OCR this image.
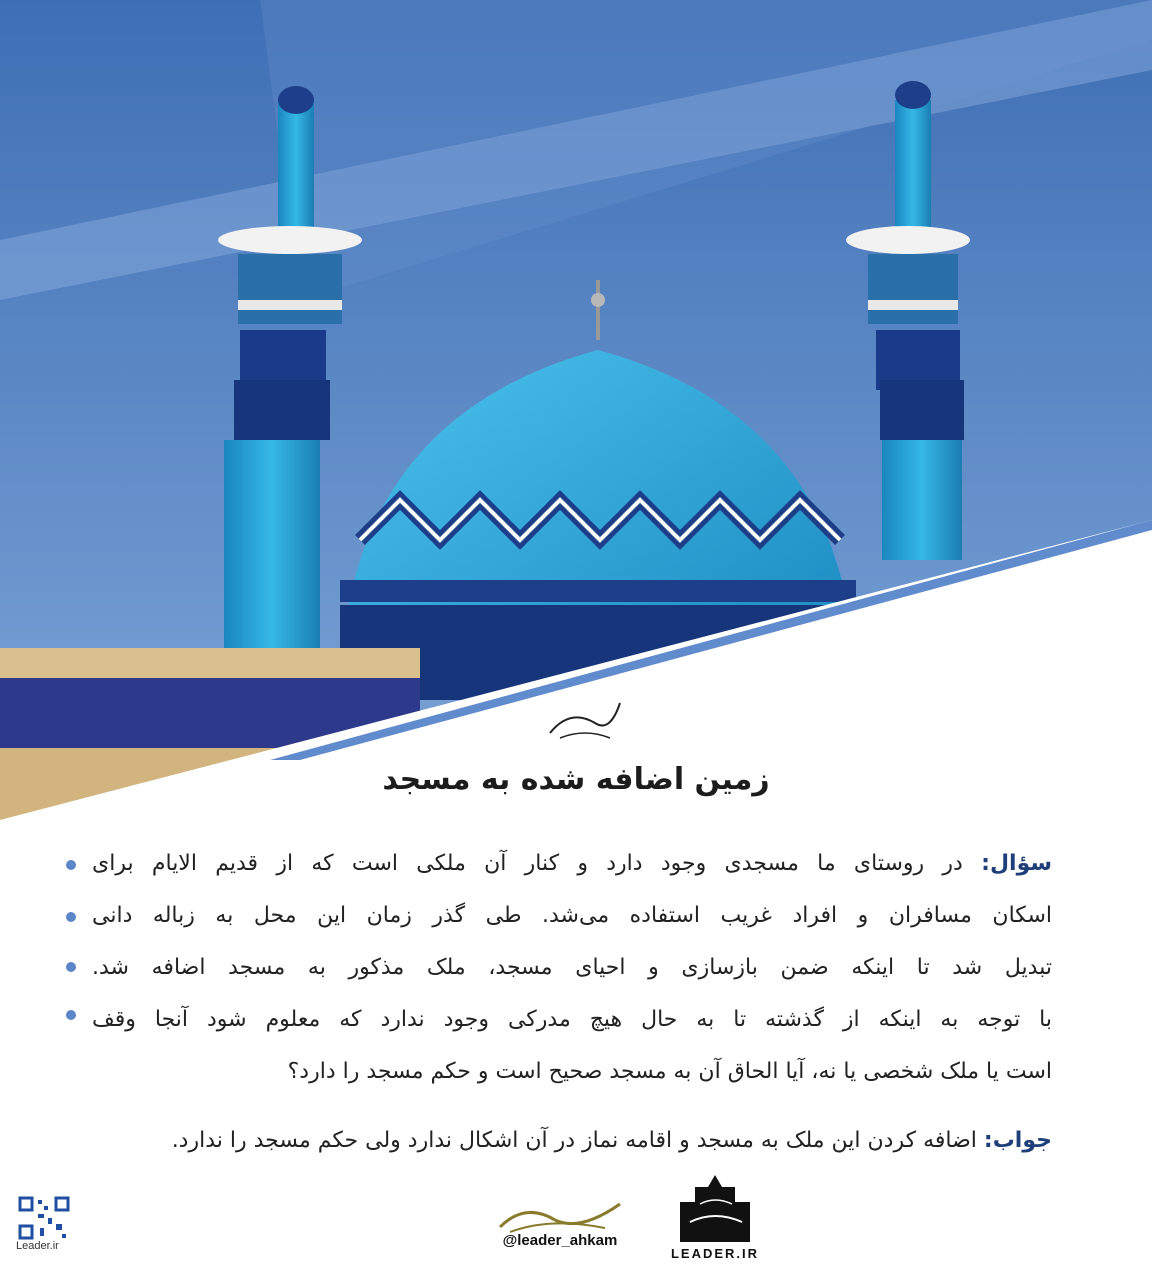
زمین اضافه شده به مسجد
سؤال: در روستای ما مسجدی وجود دارد و کنار آن ملکی است که از قدیم الایام برای
اسکان مسافران و افراد غریب استفاده می‌شد. طی گذر زمان این محل به زباله دانی
تبدیل شد تا اینکه ضمن بازسازی و احیای مسجد، ملک مذکور به مسجد اضافه شد.
با توجه به اینکه از گذشته تا به حال هیچ مدرکی وجود ندارد که معلوم شود آنجا وقف
است یا ملک شخصی یا نه، آیا الحاق آن به مسجد صحیح است و حکم مسجد را دارد؟
جواب: اضافه کردن این ملک به مسجد و اقامه نماز در آن اشکال ندارد ولی حکم مسجد را ندارد.
Leader.ir	@leader_ahkam
LEADER.IR
